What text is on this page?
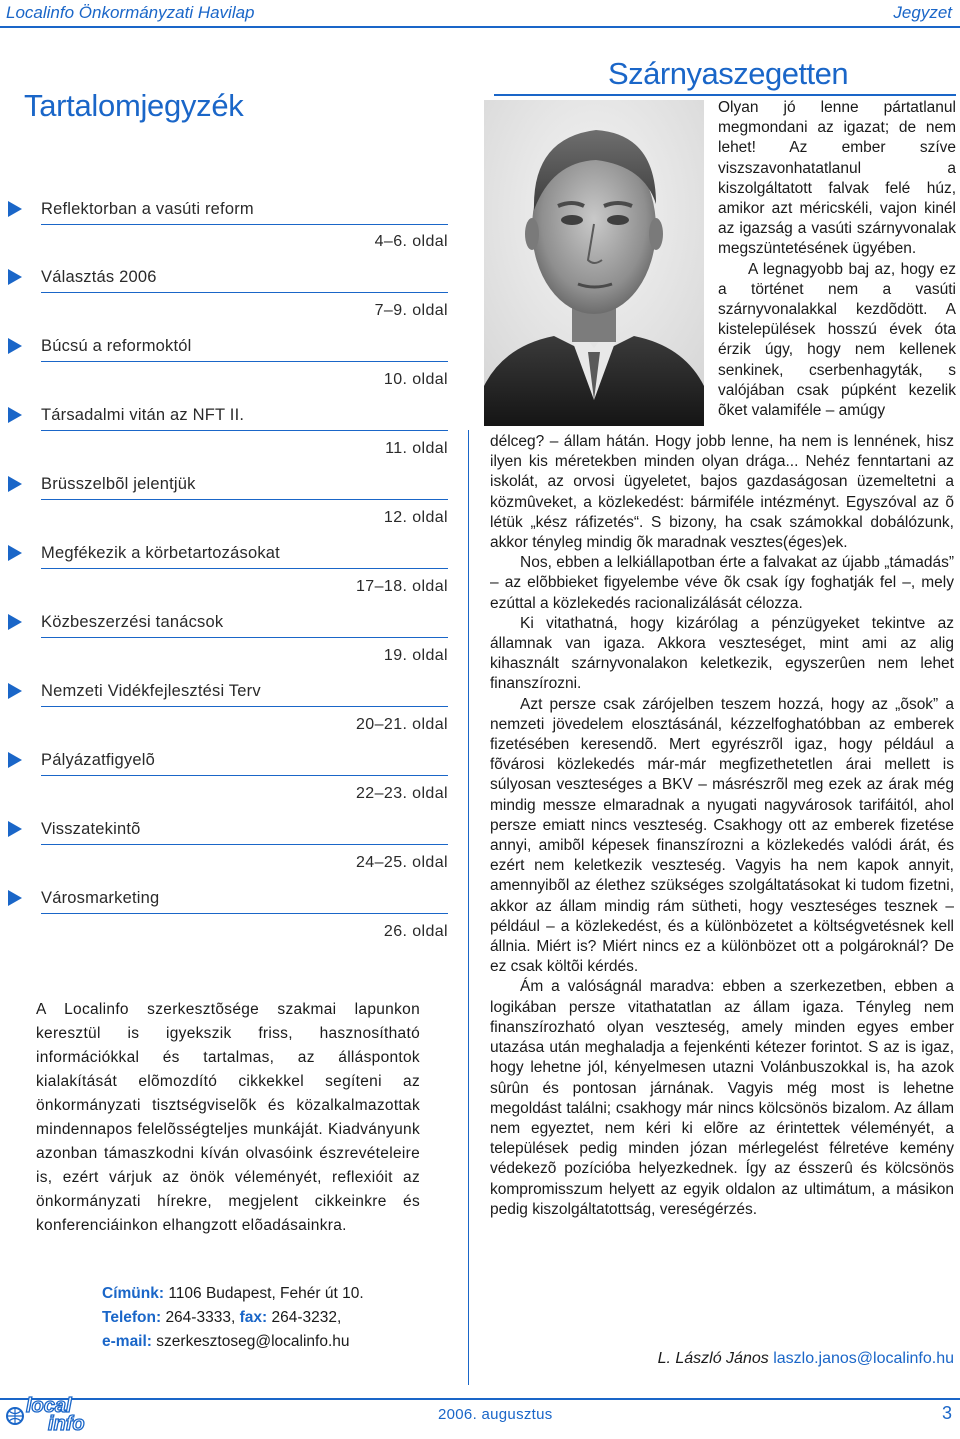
Localinfo Önkormányzati Havilap	Jegyzet
Tartalomjegyzék
Reflektorban a vasúti reform
4–6. oldal
Választás 2006
7–9. oldal
Búcsú a reformoktól
10. oldal
Társadalmi vitán az NFT II.
11. oldal
Brüsszelbõl jelentjük
12. oldal
Megfékezik a körbetartozásokat
17–18. oldal
Közbeszerzési tanácsok
19. oldal
Nemzeti Vidékfejlesztési Terv
20–21. oldal
Pályázatfigyelõ
22–23. oldal
Visszatekintõ
24–25. oldal
Városmarketing
26. oldal

A Localinfo szerkesztõsége szakmai lapunkon keresztül is igyekszik friss, hasznosítható információkkal és tartalmas, az álláspontok kialakítását elõmozdító cikkekkel segíteni az önkormányzati tisztségviselõk és közalkalmazottak mindennapos felelõsségteljes munkáját. Kiadványunk azonban támaszkodni kíván olvasóink észrevételeire is, ezért várjuk az önök véleményét, reflexióit az önkormányzati hírekre, megjelent cikkeinkre és konferenciáinkon elhangzott elõadásainkra.

Címünk: 1106 Budapest, Fehér út 10.
Telefon: 264-3333, fax: 264-3232,
e-mail: szerkesztoseg@localinfo.hu
Szárnyaszegetten

Olyan jó lenne pártatlanul megmondani az igazat; de nem lehet! Az ember szíve viszszavonhatatlanul a kiszolgáltatott falvak felé húz, amikor azt méricskéli, vajon kinél az igazság a vasúti szárnyvonalak megszüntetésének ügyében.

A legnagyobb baj az, hogy ez a történet nem a vasúti szárnyvonalakkal kezdõdött. A kistelepülések hosszú évek óta érzik úgy, hogy nem kellenek senkinek, cserbenhagyták, s valójában csak púpként kezelik õket valamiféle – amúgy

délceg? – állam hátán. Hogy jobb lenne, ha nem is lennének, hisz ilyen kis méretekben minden olyan drága... Nehéz fenntartani az iskolát, az orvosi ügyeletet, bajos gazdaságosan üzemeltetni a közmûveket, a közlekedést: bármiféle intézményt. Egyszóval az õ létük „kész ráfizetés“. S bizony, ha csak számokkal dobálózunk, akkor tényleg mindig õk maradnak vesztes(éges)ek.

Nos, ebben a lelkiállapotban érte a falvakat az újabb „támadás” – az elõbbieket figyelembe véve õk csak így foghatják fel –, mely ezúttal a közlekedés racionalizálását célozza.

Ki vitathatná, hogy kizárólag a pénzügyeket tekintve az államnak van igaza. Akkora veszteséget, mint ami az alig kihasznált szárnyvonalakon keletkezik, egyszerûen nem lehet finanszírozni.

Azt persze csak zárójelben teszem hozzá, hogy az „õsok” a nemzeti jövedelem elosztásánál, kézzelfoghatóbban az emberek fizetésében keresendõ. Mert egyrészrõl igaz, hogy például a fõvárosi közlekedés már-már megfizethetetlen árai mellett is súlyosan veszteséges a BKV – másrészrõl meg ezek az árak még mindig messze elmaradnak a nyugati nagyvárosok tarifáitól, ahol persze emiatt nincs veszteség. Csakhogy ott az emberek fizetése annyi, amibõl képesek finanszírozni a közlekedés valódi árát, és ezért nem keletkezik veszteség. Vagyis ha nem kapok annyit, amennyibõl az élethez szükséges szolgáltatásokat ki tudom fizetni, akkor az állam mindig rám sütheti, hogy veszteséges tesznek – például – a közlekedést, és a különbözetet a költségvetésnek kell állnia. Miért is? Miért nincs ez a különbözet ott a polgároknál? De ez csak költõi kérdés.

Ám a valóságnál maradva: ebben a szerkezetben, ebben a logikában persze vitathatatlan az állam igaza. Tényleg nem finanszírozható olyan veszteség, amely minden egyes ember utazása után meghaladja a fejenkénti kétezer forintot. S az is igaz, hogy lehetne jól, kényelmesen utazni Volánbuszokkal is, ha azok sûrûn és pontosan járnának. Vagyis még most is lehetne megoldást találni; csakhogy már nincs kölcsönös bizalom. Az állam nem egyeztet, nem kéri ki elõre az érintettek véleményét, a települések pedig minden józan mérlegelést félretéve kemény védekezõ pozícióba helyezkednek. Így az ésszerû és kölcsönös kompromisszum helyett az egyik oldalon az ultimátum, a másikon pedig kiszolgáltatottság, vereségérzés.

L. László János laszlo.janos@localinfo.hu
local info	2006. augusztus	3
